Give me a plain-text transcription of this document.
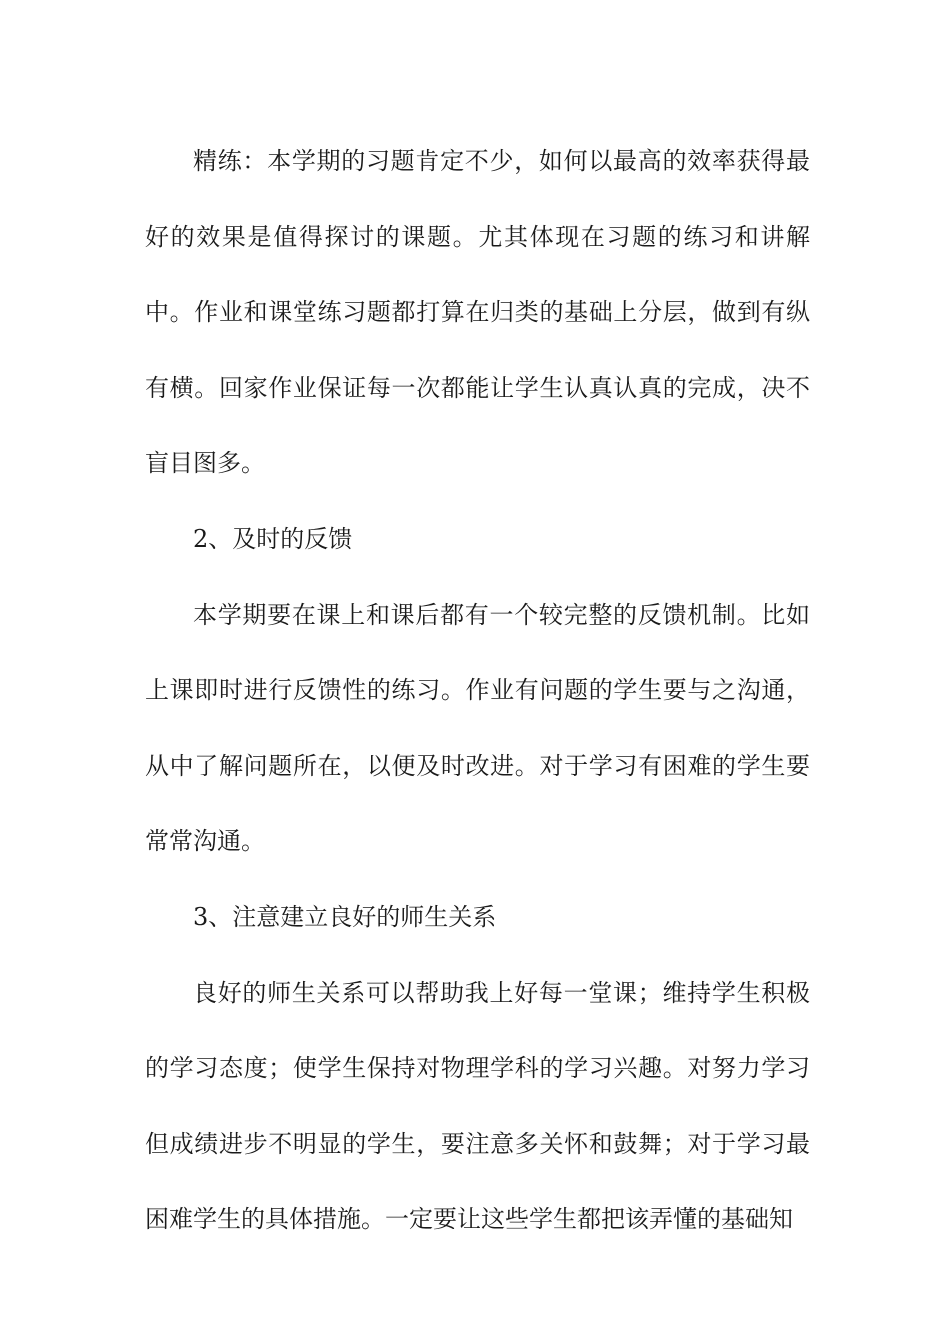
精练：本学期的习题肯定不少，如何以最高的效率获得最好的效果是值得探讨的课题。尤其体现在习题的练习和讲解中。作业和课堂练习题都打算在归类的基础上分层，做到有纵有横。回家作业保证每一次都能让学生认真认真的完成，决不盲目图多。

2、及时的反馈

本学期要在课上和课后都有一个较完整的反馈机制。比如上课即时进行反馈性的练习。作业有问题的学生要与之沟通，从中了解问题所在，以便及时改进。对于学习有困难的学生要常常沟通。

3、注意建立良好的师生关系

良好的师生关系可以帮助我上好每一堂课；维持学生积极的学习态度；使学生保持对物理学科的学习兴趣。对努力学习但成绩进步不明显的学生，要注意多关怀和鼓舞；对于学习最困难学生的具体措施。一定要让这些学生都把该弄懂的基础知
